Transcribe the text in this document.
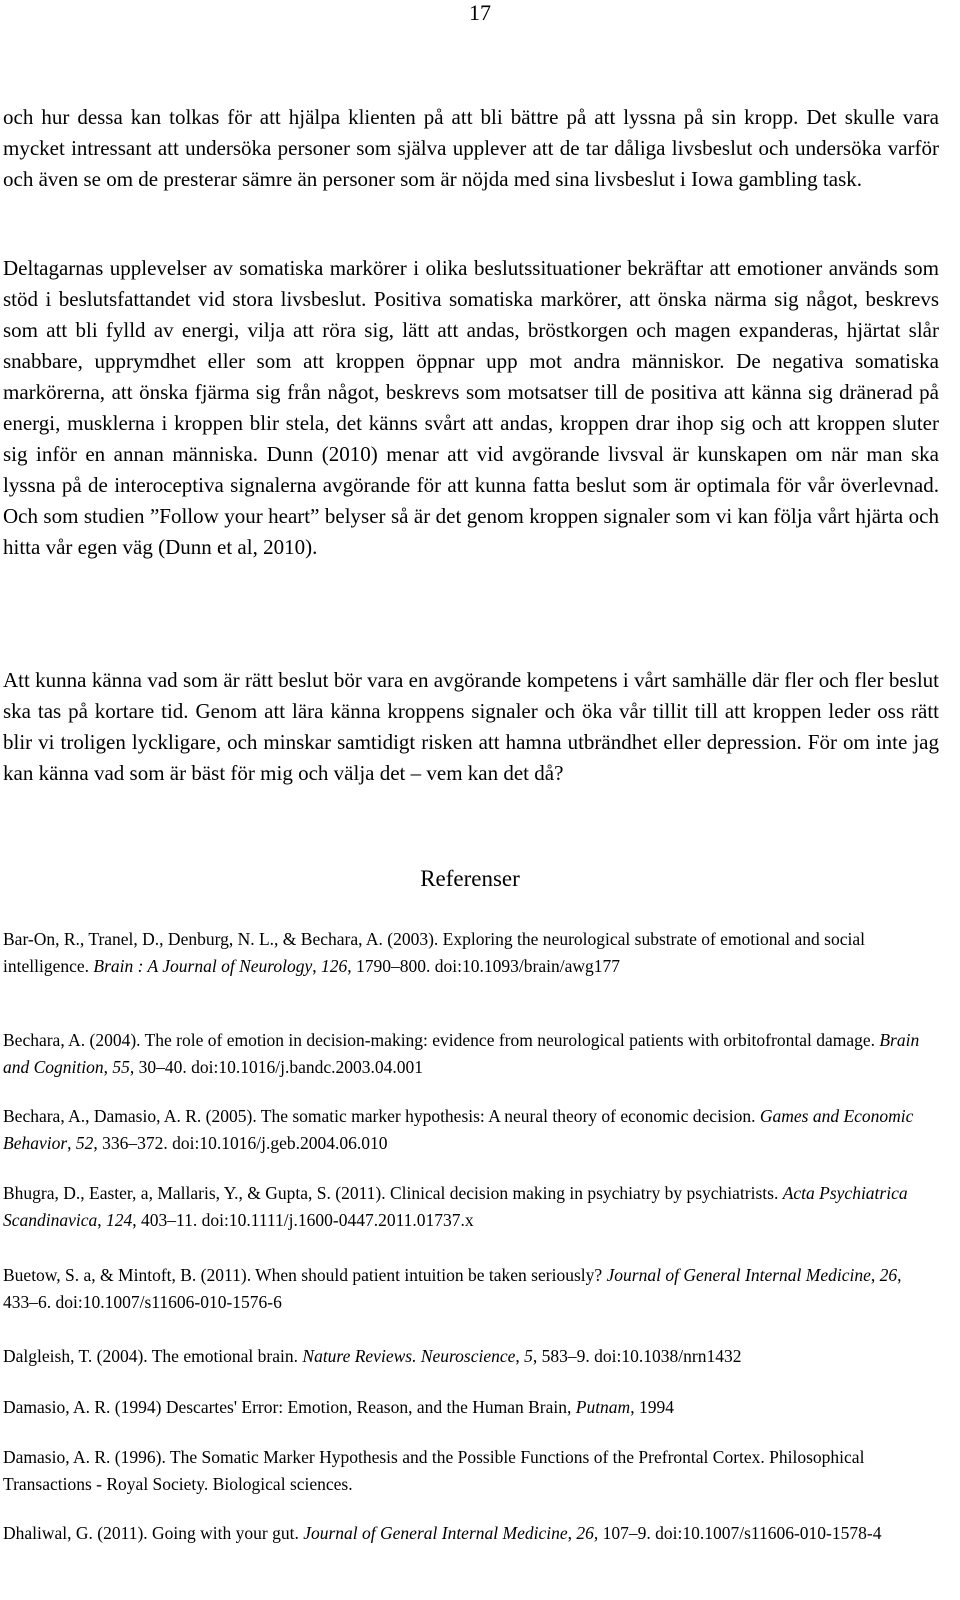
17

och hur dessa kan tolkas för att hjälpa klienten på att bli bättre på att lyssna på sin kropp. Det skulle vara mycket intressant att undersöka personer som själva upplever att de tar dåliga livsbeslut och undersöka varför och även se om de presterar sämre än personer som är nöjda med sina livsbeslut i Iowa gambling task.

Deltagarnas upplevelser av somatiska markörer i olika beslutssituationer bekräftar att emotioner används som stöd i beslutsfattandet vid stora livsbeslut. Positiva somatiska markörer, att önska närma sig något, beskrevs som att bli fylld av energi, vilja att röra sig, lätt att andas, bröstkorgen och magen expanderas, hjärtat slår snabbare, upprymdhet eller som att kroppen öppnar upp mot andra människor. De negativa somatiska markörerna, att önska fjärma sig från något, beskrevs som motsatser till de positiva att känna sig dränerad på energi, musklerna i kroppen blir stela, det känns svårt att andas, kroppen drar ihop sig och att kroppen sluter sig inför en annan människa. Dunn (2010) menar att vid avgörande livsval är kunskapen om när man ska lyssna på de interoceptiva signalerna avgörande för att kunna fatta beslut som är optimala för vår överlevnad. Och som studien ”Follow your heart” belyser så är det genom kroppen signaler som vi kan följa vårt hjärta och hitta vår egen väg (Dunn et al, 2010).

Att kunna känna vad som är rätt beslut bör vara en avgörande kompetens i vårt samhälle där fler och fler beslut ska tas på kortare tid. Genom att lära känna kroppens signaler och öka vår tillit till att kroppen leder oss rätt blir vi troligen lyckligare, och minskar samtidigt risken att hamna utbrändhet eller depression. För om inte jag kan känna vad som är bäst för mig och välja det – vem kan det då?

Referenser

Bar-On, R., Tranel, D., Denburg, N. L., & Bechara, A. (2003). Exploring the neurological substrate of emotional and social intelligence. Brain : A Journal of Neurology, 126, 1790–800. doi:10.1093/brain/awg177

Bechara, A. (2004). The role of emotion in decision-making: evidence from neurological patients with orbitofrontal damage. Brain and Cognition, 55, 30–40. doi:10.1016/j.bandc.2003.04.001

Bechara, A., Damasio, A. R. (2005). The somatic marker hypothesis: A neural theory of economic decision. Games and Economic Behavior, 52, 336–372. doi:10.1016/j.geb.2004.06.010

Bhugra, D., Easter, a, Mallaris, Y., & Gupta, S. (2011). Clinical decision making in psychiatry by psychiatrists. Acta Psychiatrica Scandinavica, 124, 403–11. doi:10.1111/j.1600-0447.2011.01737.x

Buetow, S. a, & Mintoft, B. (2011). When should patient intuition be taken seriously? Journal of General Internal Medicine, 26, 433–6. doi:10.1007/s11606-010-1576-6

Dalgleish, T. (2004). The emotional brain. Nature Reviews. Neuroscience, 5, 583–9. doi:10.1038/nrn1432

Damasio, A. R. (1994) Descartes' Error: Emotion, Reason, and the Human Brain, Putnam, 1994

Damasio, A. R. (1996). The Somatic Marker Hypothesis and the Possible Functions of the Prefrontal Cortex. Philosophical Transactions - Royal Society. Biological sciences.

Dhaliwal, G. (2011). Going with your gut. Journal of General Internal Medicine, 26, 107–9. doi:10.1007/s11606-010-1578-4
